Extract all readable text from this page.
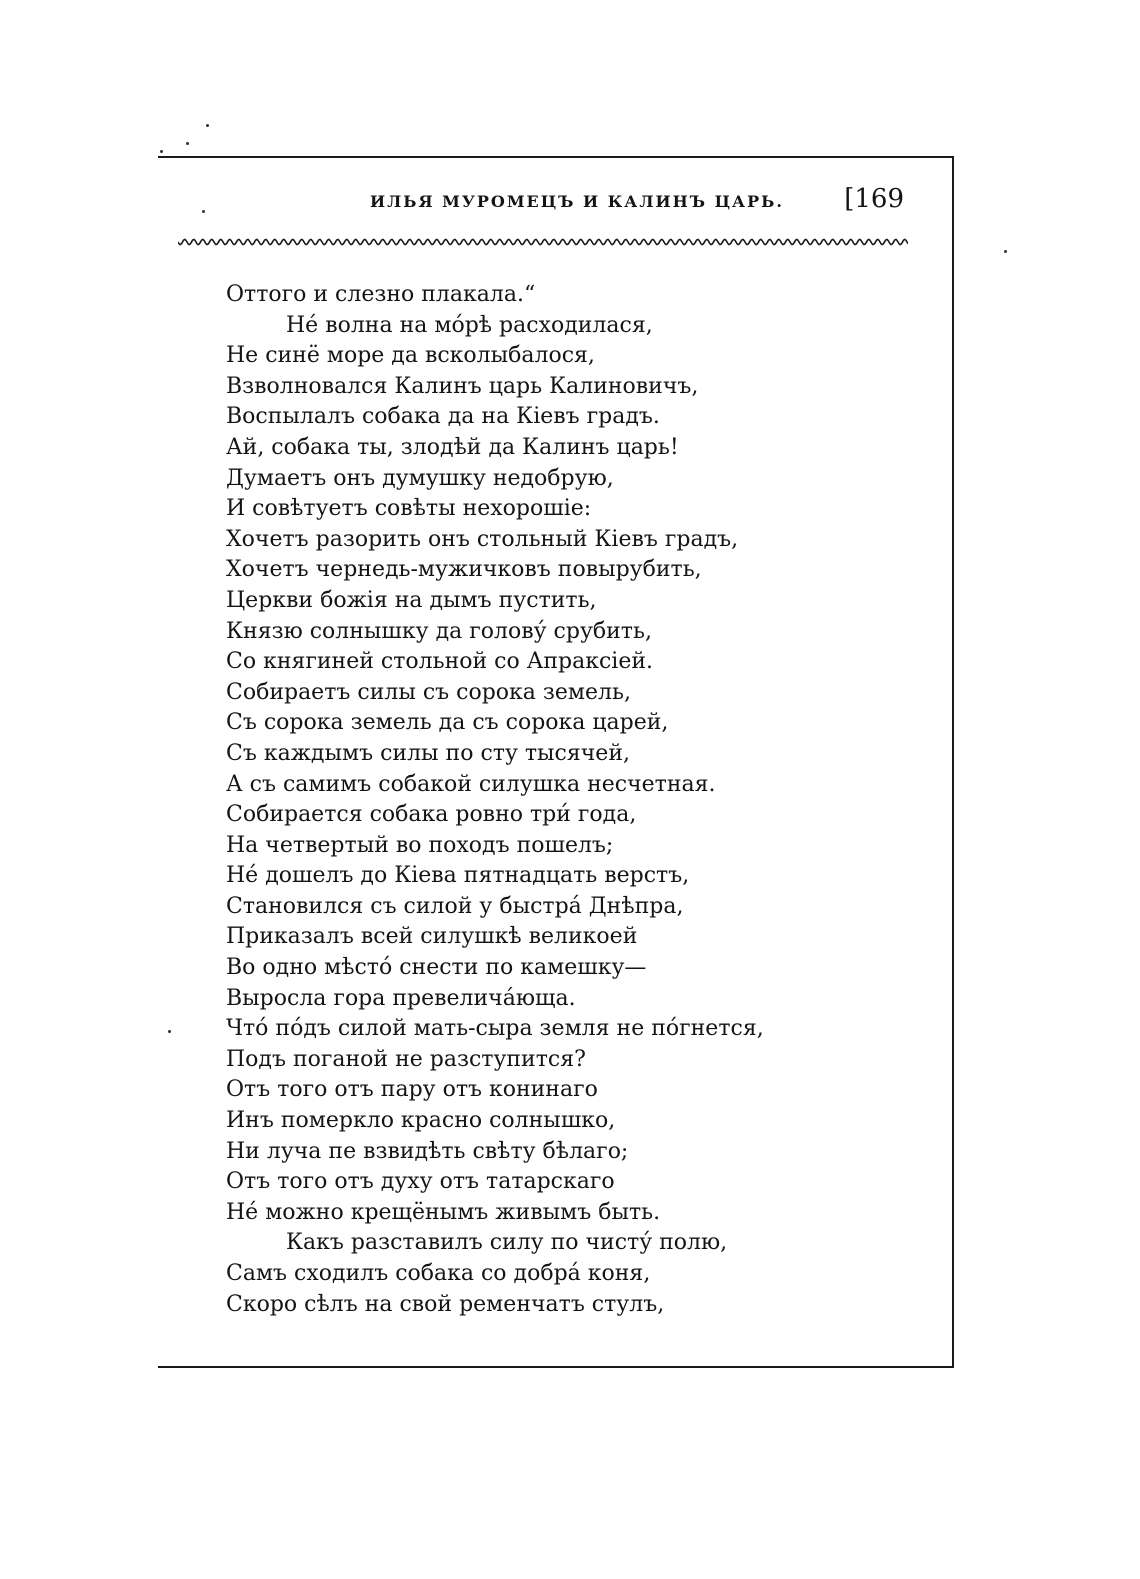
ИЛЬЯ МУРОМЕЦЪ И КАЛИНЪ ЦАРЬ. [169
Оттого и слезно плакала.“
Не́ волна на мо́рѣ расходилася,
Не синё море да всколыбалося,
Взволновался Калинъ царь Калиновичъ,
Воспылалъ собака да на Кіевъ градъ.
Ай, собака ты, злодѣй да Калинъ царь!
Думаетъ онъ думушку недобрую,
И совѣтуетъ совѣты нехорошіе:
Хочетъ разорить онъ стольный Кіевъ градъ,
Хочетъ чернедь-мужичковъ повырубить,
Церкви божія на дымъ пустить,
Князю солнышку да голову́ срубить,
Со княгиней стольной со Апраксіей.
Собираетъ силы съ сорока земель,
Съ сорока земель да съ сорока царей,
Съ каждымъ силы по сту тысячей,
А съ самимъ собакой силушка несчетная.
Собирается собака ровно три́ года,
На четвертый во походъ пошелъ;
Не́ дошелъ до Кіева пятнадцать верстъ,
Становился съ силой у быстра́ Днѣпра,
Приказалъ всей силушкѣ великоей
Во одно мѣсто́ снести по камешку—
Выросла гора превеличáюща.
Что́ по́дъ силой мать-сыра земля не по́гнется,
Подъ поганой не разступится?
Отъ того отъ пару отъ конинаго
Инъ померкло красно солнышко,
Ни луча пе взвидѣть свѣту бѣлаго;
Отъ того отъ духу отъ татарскаго
Не́ можно крещёнымъ живымъ быть.
Какъ разставилъ силу по чисту́ полю,
Самъ сходилъ собака со добра́ коня,
Скоро сѣлъ на свой ременчатъ стулъ,
